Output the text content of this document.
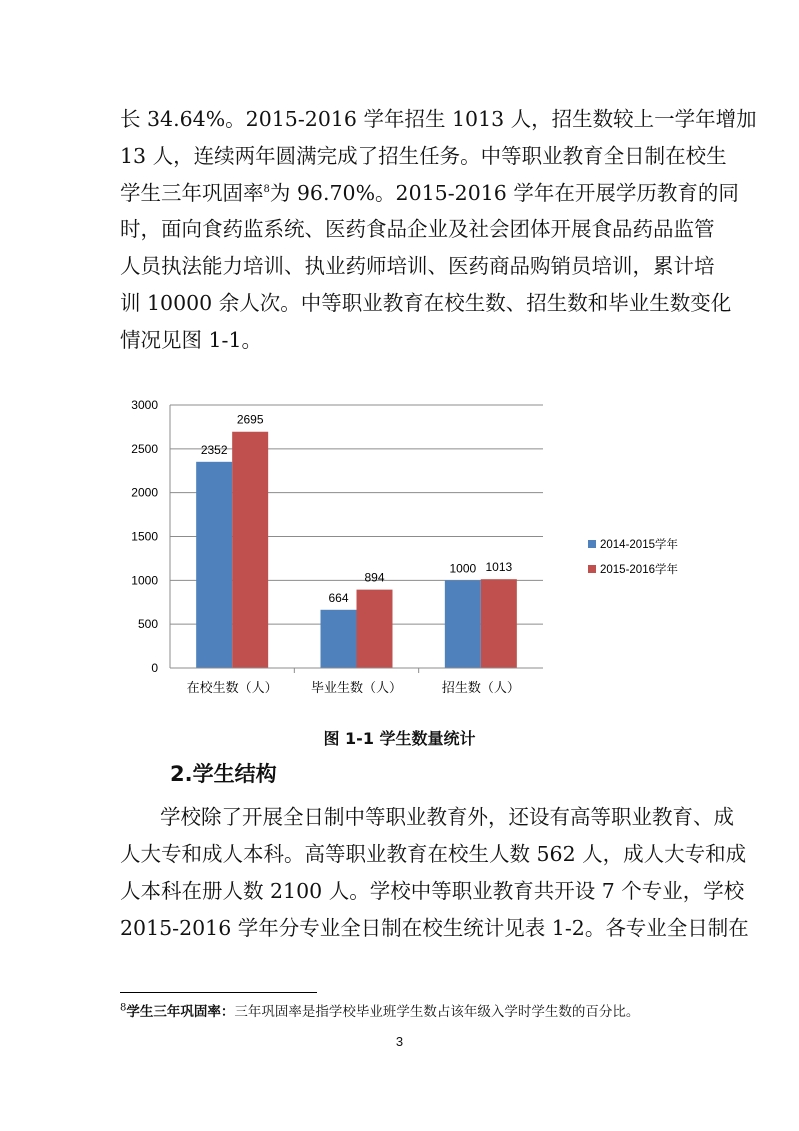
长 34.64%。2015-2016 学年招生 1013 人，招生数较上一学年增加
13 人，连续两年圆满完成了招生任务。中等职业教育全日制在校生
学生三年巩固率$^8$为 96.70%。2015-2016 学年在开展学历教育的同
时，面向食药监系统、医药食品企业及社会团体开展食品药品监管
人员执法能力培训、执业药师培训、医药商品购销员培训，累计培
训 10000 余人次。中等职业教育在校生数、招生数和毕业生数变化
情况见图 1-1。
2352
2695
664
894
1000 1013
0
500
1000
1500
2000
2500
3000
在校生数（人）	毕业生数（人）	招生数（人）
2014-2015学年
2015-2016学年
图 1-1 学生数量统计
2.学生结构
学校除了开展全日制中等职业教育外，还设有高等职业教育、成
人大专和成人本科。高等职业教育在校生人数 562 人，成人大专和成
人本科在册人数 2100 人。学校中等职业教育共开设 7 个专业，学校
2015-2016 学年分专业全日制在校生统计见表 1-2。各专业全日制在
$^8$学生三年巩固率：三年巩固率是指学校毕业班学生数占该年级入学时学生数的百分比。
3
